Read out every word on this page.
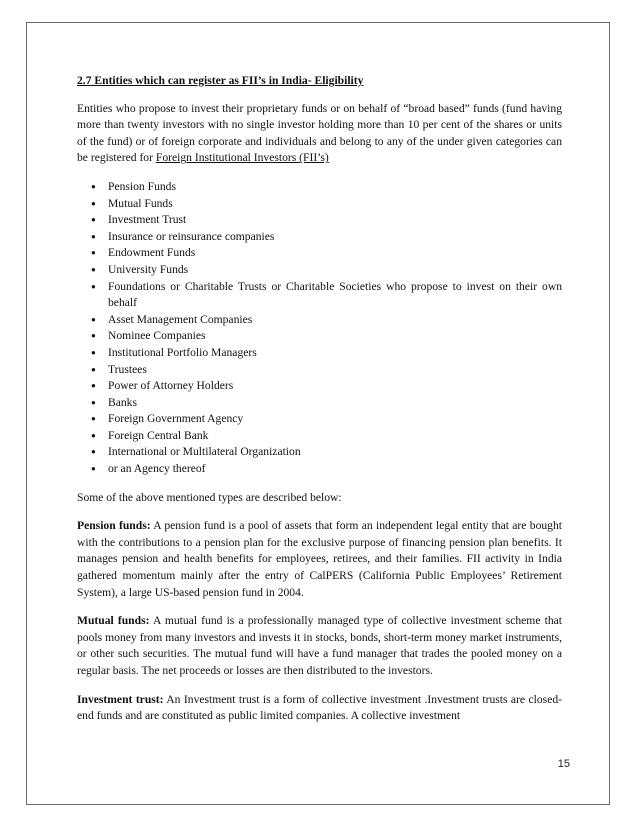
2.7 Entities which can register as FII’s in India- Eligibility

Entities who propose to invest their proprietary funds or on behalf of “broad based” funds (fund having more than twenty investors with no single investor holding more than 10 per cent of the shares or units of the fund) or of foreign corporate and individuals and belong to any of the under given categories can be registered for Foreign Institutional Investors (FII’s)

● Pension Funds
● Mutual Funds
● Investment Trust
● Insurance or reinsurance companies
● Endowment Funds
● University Funds
● Foundations or Charitable Trusts or Charitable Societies who propose to invest on their own behalf
● Asset Management Companies
● Nominee Companies
● Institutional Portfolio Managers
● Trustees
● Power of Attorney Holders
● Banks
● Foreign Government Agency
● Foreign Central Bank
● International or Multilateral Organization
● or an Agency thereof

Some of the above mentioned types are described below:

Pension funds: A pension fund is a pool of assets that form an independent legal entity that are bought with the contributions to a pension plan for the exclusive purpose of financing pension plan benefits. It manages pension and health benefits for employees, retirees, and their families. FII activity in India gathered momentum mainly after the entry of CalPERS (California Public Employees’ Retirement System), a large US-based pension fund in 2004.

Mutual funds: A mutual fund is a professionally managed type of collective investment scheme that pools money from many investors and invests it in stocks, bonds, short-term money market instruments, or other such securities. The mutual fund will have a fund manager that trades the pooled money on a regular basis. The net proceeds or losses are then distributed to the investors.

Investment trust: An Investment trust is a form of collective investment .Investment trusts are closed-end funds and are constituted as public limited companies. A collective investment

15
